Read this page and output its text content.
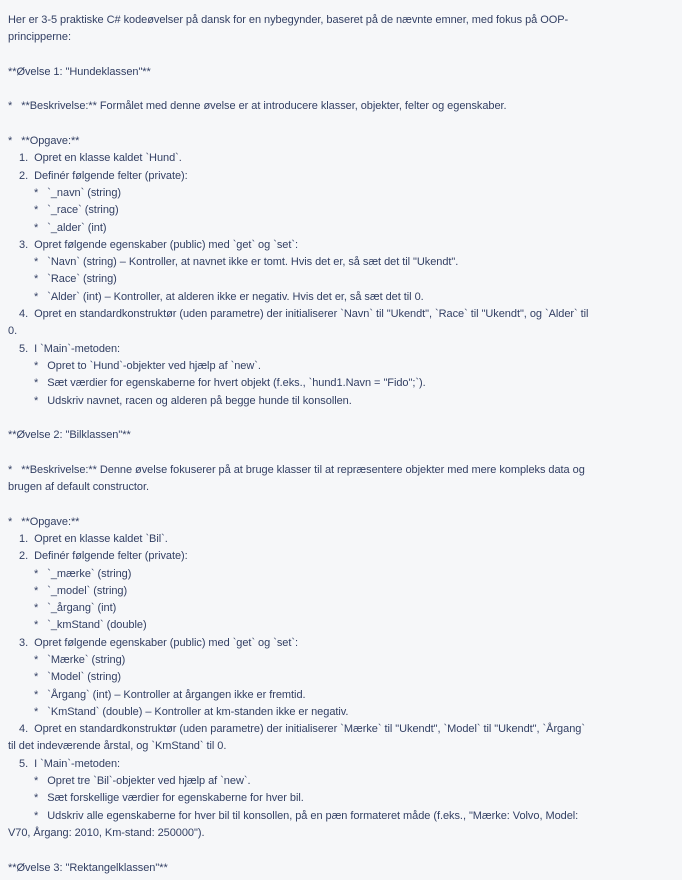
Her er 3-5 praktiske C# kodeøvelser på dansk for en nybegynder, baseret på de nævnte emner, med fokus på OOP-
principperne:
**Øvelse 1: "Hundeklassen"**
*   **Beskrivelse:** Formålet med denne øvelse er at introducere klasser, objekter, felter og egenskaber.
*   **Opgave:**
1.  Opret en klasse kaldet `Hund`.
2.  Definér følgende felter (private):
*   `_navn` (string)
*   `_race` (string)
*   `_alder` (int)
3.  Opret følgende egenskaber (public) med `get` og `set`:
*   `Navn` (string) – Kontroller, at navnet ikke er tomt. Hvis det er, så sæt det til "Ukendt".
*   `Race` (string)
*   `Alder` (int) – Kontroller, at alderen ikke er negativ. Hvis det er, så sæt det til 0.
4.  Opret en standardkonstruktør (uden parametre) der initialiserer `Navn` til "Ukendt", `Race` til "Ukendt", og `Alder` til
0.
5.  I `Main`-metoden:
*   Opret to `Hund`-objekter ved hjælp af `new`.
*   Sæt værdier for egenskaberne for hvert objekt (f.eks., `hund1.Navn = "Fido";`).
*   Udskriv navnet, racen og alderen på begge hunde til konsollen.
**Øvelse 2: "Bilklassen"**
*   **Beskrivelse:** Denne øvelse fokuserer på at bruge klasser til at repræsentere objekter med mere kompleks data og
brugen af default constructor.
*   **Opgave:**
1.  Opret en klasse kaldet `Bil`.
2.  Definér følgende felter (private):
*   `_mærke` (string)
*   `_model` (string)
*   `_årgang` (int)
*   `_kmStand` (double)
3.  Opret følgende egenskaber (public) med `get` og `set`:
*   `Mærke` (string)
*   `Model` (string)
*   `Årgang` (int) – Kontroller at årgangen ikke er fremtid.
*   `KmStand` (double) – Kontroller at km-standen ikke er negativ.
4.  Opret en standardkonstruktør (uden parametre) der initialiserer `Mærke` til "Ukendt", `Model` til "Ukendt", `Årgang`
til det indeværende årstal, og `KmStand` til 0.
5.  I `Main`-metoden:
*   Opret tre `Bil`-objekter ved hjælp af `new`.
*   Sæt forskellige værdier for egenskaberne for hver bil.
*   Udskriv alle egenskaberne for hver bil til konsollen, på en pæn formateret måde (f.eks., "Mærke: Volvo, Model:
V70, Årgang: 2010, Km-stand: 250000").
**Øvelse 3: "Rektangelklassen"**
